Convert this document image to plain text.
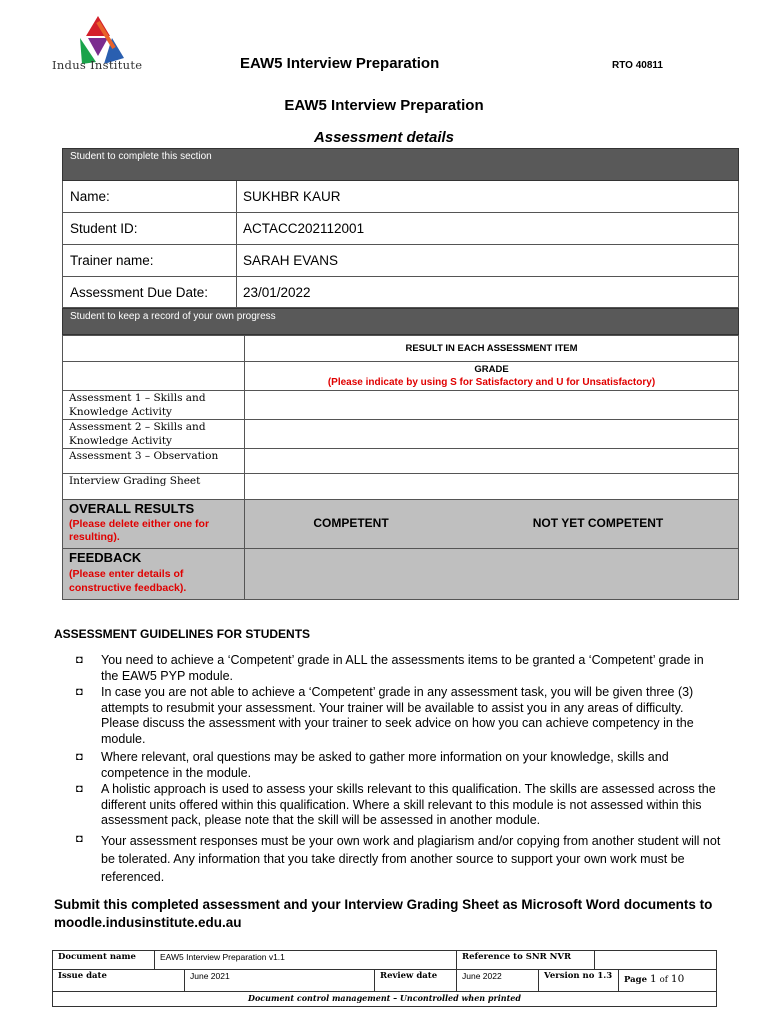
Indus Institute	EAW5 Interview Preparation	RTO 40811
EAW5 Interview Preparation
Assessment details
Student to complete this section
Name:	SUKHBR KAUR
Student ID:	ACTACC202112001
Trainer name:	SARAH EVANS
Assessment Due Date:	23/01/2022
Student to keep a record of your own progress
RESULT IN EACH ASSESSMENT ITEM
GRADE
(Please indicate by using S for Satisfactory and U for Unsatisfactory)
Assessment 1 – Skills and Knowledge Activity
Assessment 2 – Skills and Knowledge Activity
Assessment 3 – Observation
Interview Grading Sheet
OVERALL RESULTS
(Please delete either one for resulting).
COMPETENT	NOT YET COMPETENT
FEEDBACK
(Please enter details of constructive feedback).
ASSESSMENT GUIDELINES FOR STUDENTS
◘ You need to achieve a ‘Competent’ grade in ALL the assessments items to be granted a ‘Competent’ grade in the EAW5 PYP module.
◘ In case you are not able to achieve a ‘Competent’ grade in any assessment task, you will be given three (3) attempts to resubmit your assessment. Your trainer will be available to assist you in any areas of difficulty. Please discuss the assessment with your trainer to seek advice on how you can achieve competency in the module.
◘ Where relevant, oral questions may be asked to gather more information on your knowledge, skills and competence in the module.
◘ A holistic approach is used to assess your skills relevant to this qualification. The skills are assessed across the different units offered within this qualification. Where a skill relevant to this module is not assessed within this assessment pack, please note that the skill will be assessed in another module.
◘ Your assessment responses must be your own work and plagiarism and/or copying from another student will not be tolerated. Any information that you take directly from another source to support your own work must be referenced.
Submit this completed assessment and your Interview Grading Sheet as Microsoft Word documents to moodle.indusinstitute.edu.au
Document name	EAW5 Interview Preparation v1.1	Reference to SNR NVR
Issue date	June 2021	Review date	June 2022	Version no 1.3	Page 1 of 10
Document control management – Uncontrolled when printed
